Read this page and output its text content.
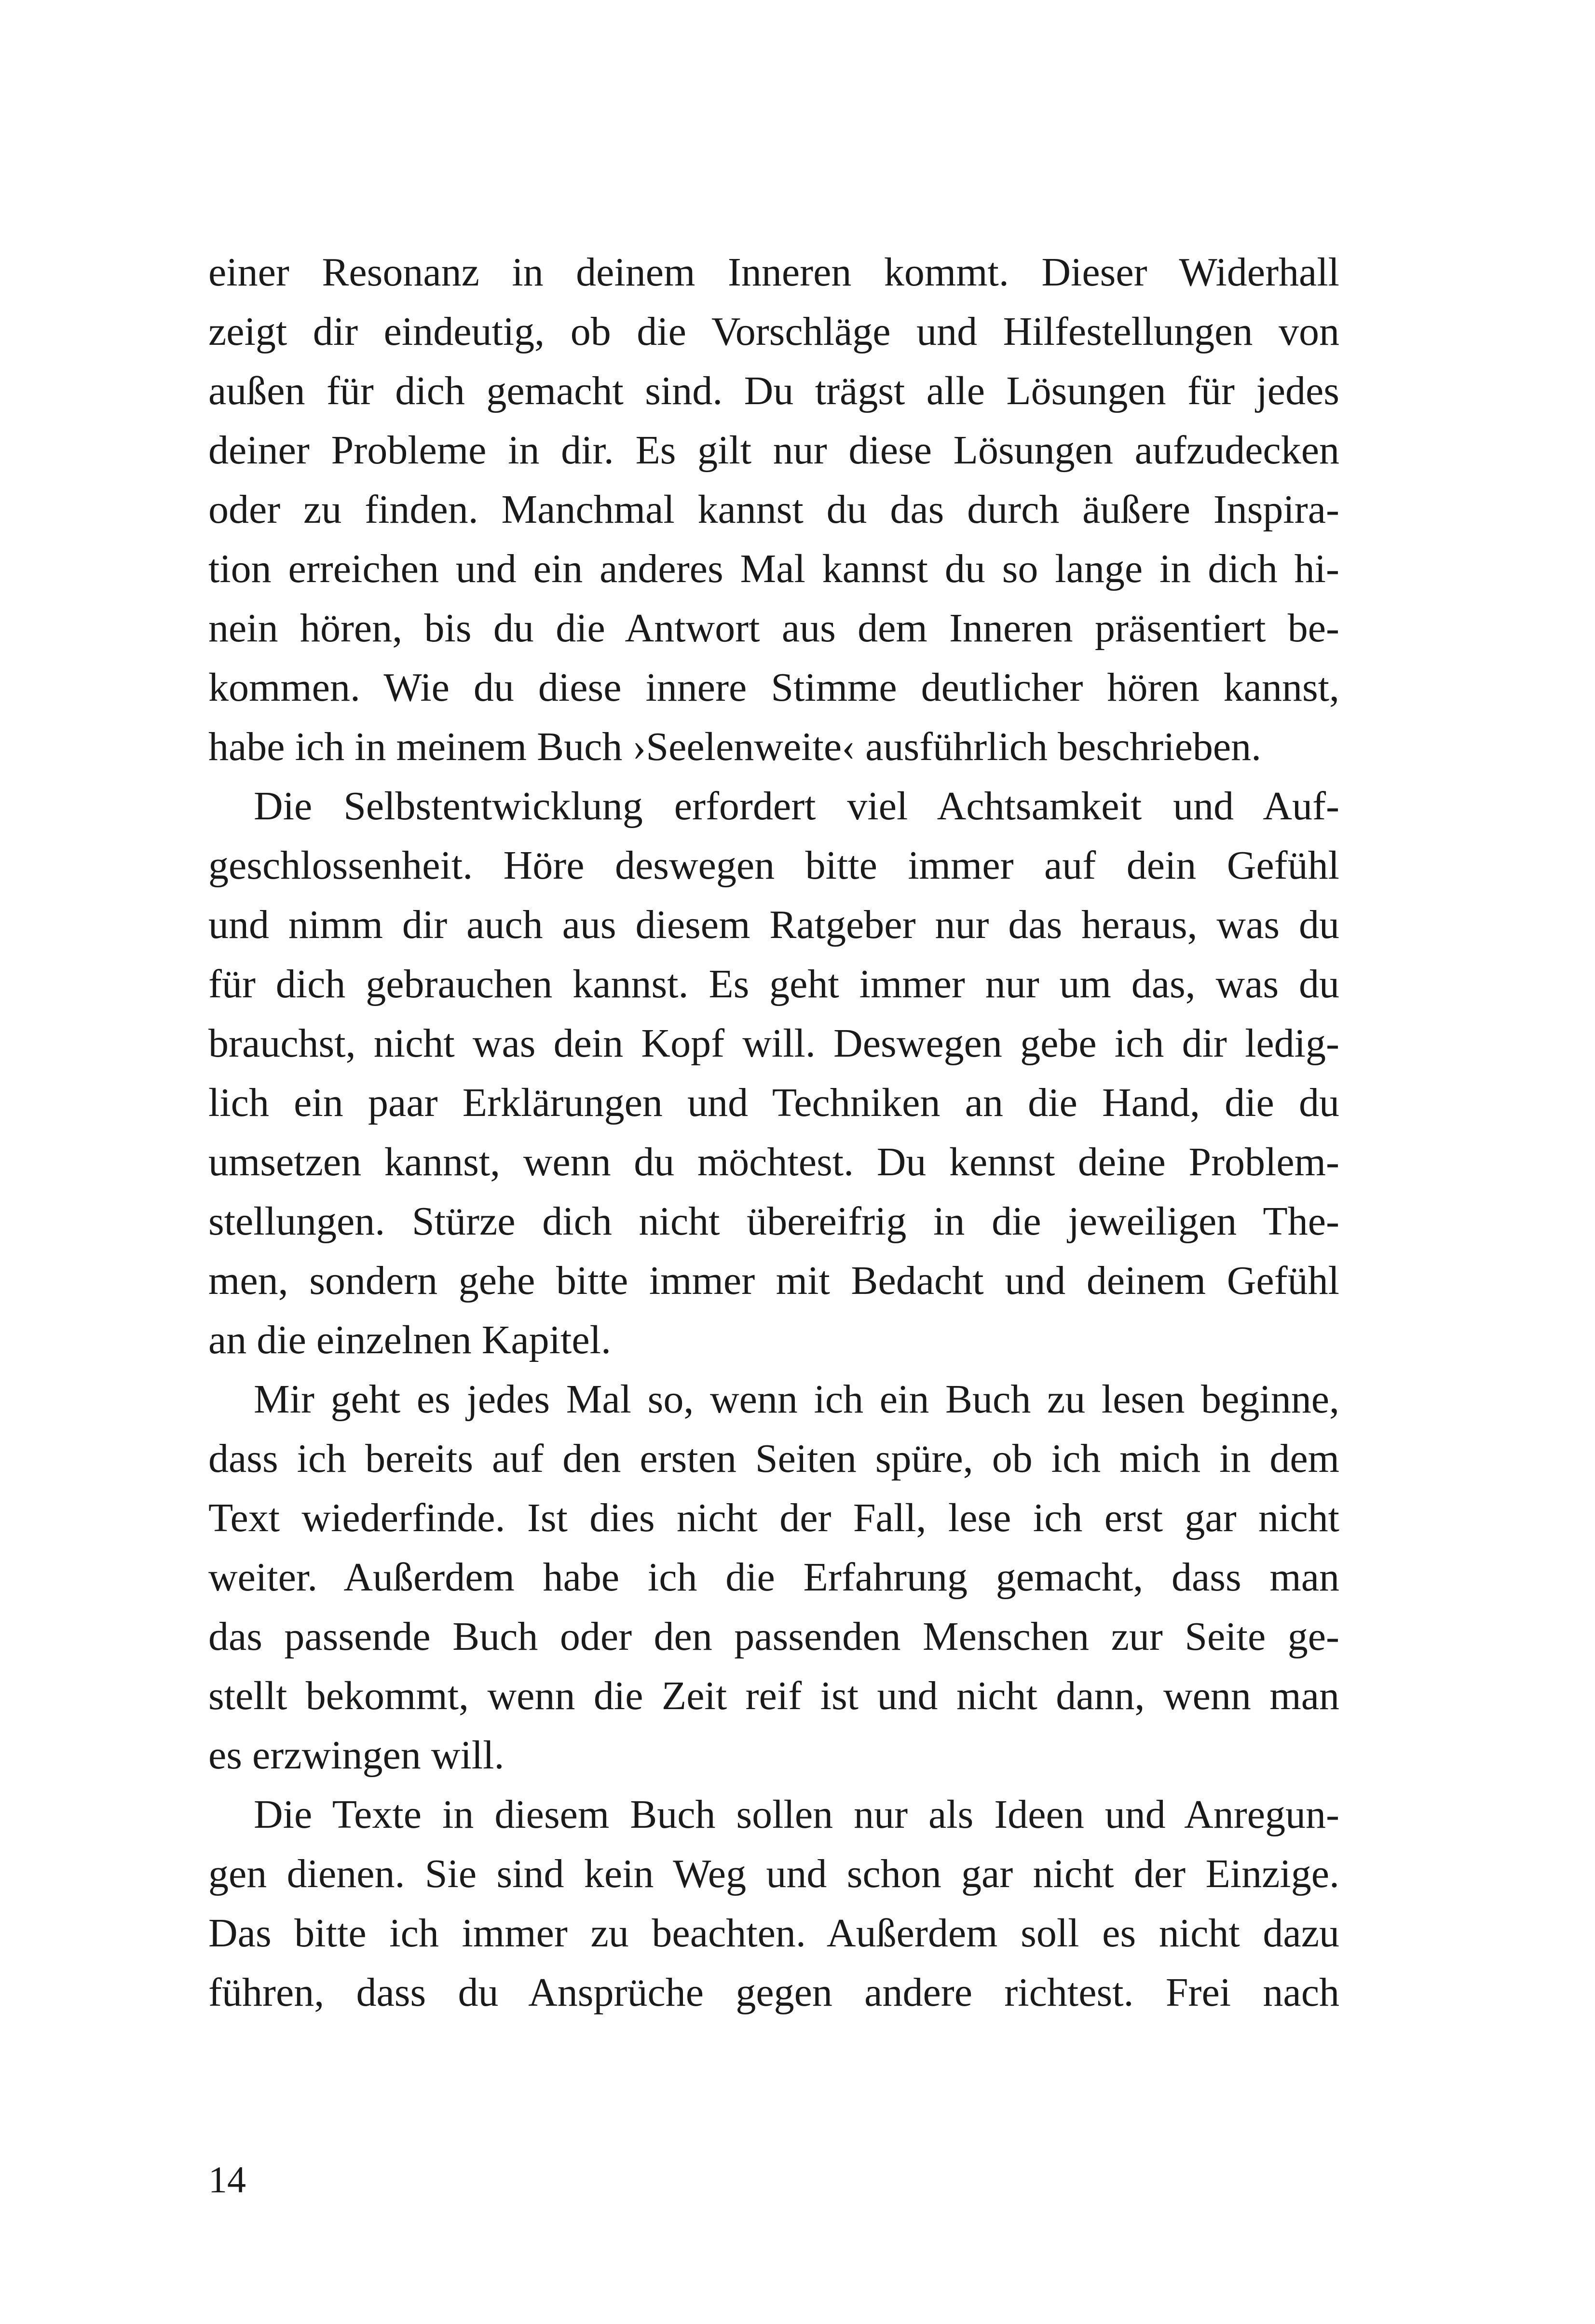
einer Resonanz in deinem Inneren kommt. Dieser Widerhall
zeigt dir eindeutig, ob die Vorschläge und Hilfestellungen von
außen für dich gemacht sind. Du trägst alle Lösungen für jedes
deiner Probleme in dir. Es gilt nur diese Lösungen aufzudecken
oder zu finden. Manchmal kannst du das durch äußere Inspira-
tion erreichen und ein anderes Mal kannst du so lange in dich hi-
nein hören, bis du die Antwort aus dem Inneren präsentiert be-
kommen. Wie du diese innere Stimme deutlicher hören kannst,
habe ich in meinem Buch ›Seelenweite‹ ausführlich beschrieben.
Die Selbstentwicklung erfordert viel Achtsamkeit und Auf-
geschlossenheit. Höre deswegen bitte immer auf dein Gefühl
und nimm dir auch aus diesem Ratgeber nur das heraus, was du
für dich gebrauchen kannst. Es geht immer nur um das, was du
brauchst, nicht was dein Kopf will. Deswegen gebe ich dir ledig-
lich ein paar Erklärungen und Techniken an die Hand, die du
umsetzen kannst, wenn du möchtest. Du kennst deine Problem-
stellungen. Stürze dich nicht übereifrig in die jeweiligen The-
men, sondern gehe bitte immer mit Bedacht und deinem Gefühl
an die einzelnen Kapitel.
Mir geht es jedes Mal so, wenn ich ein Buch zu lesen beginne,
dass ich bereits auf den ersten Seiten spüre, ob ich mich in dem
Text wiederfinde. Ist dies nicht der Fall, lese ich erst gar nicht
weiter. Außerdem habe ich die Erfahrung gemacht, dass man
das passende Buch oder den passenden Menschen zur Seite ge-
stellt bekommt, wenn die Zeit reif ist und nicht dann, wenn man
es erzwingen will.
Die Texte in diesem Buch sollen nur als Ideen und Anregun-
gen dienen. Sie sind kein Weg und schon gar nicht der Einzige.
Das bitte ich immer zu beachten. Außerdem soll es nicht dazu
führen, dass du Ansprüche gegen andere richtest. Frei nach
14
